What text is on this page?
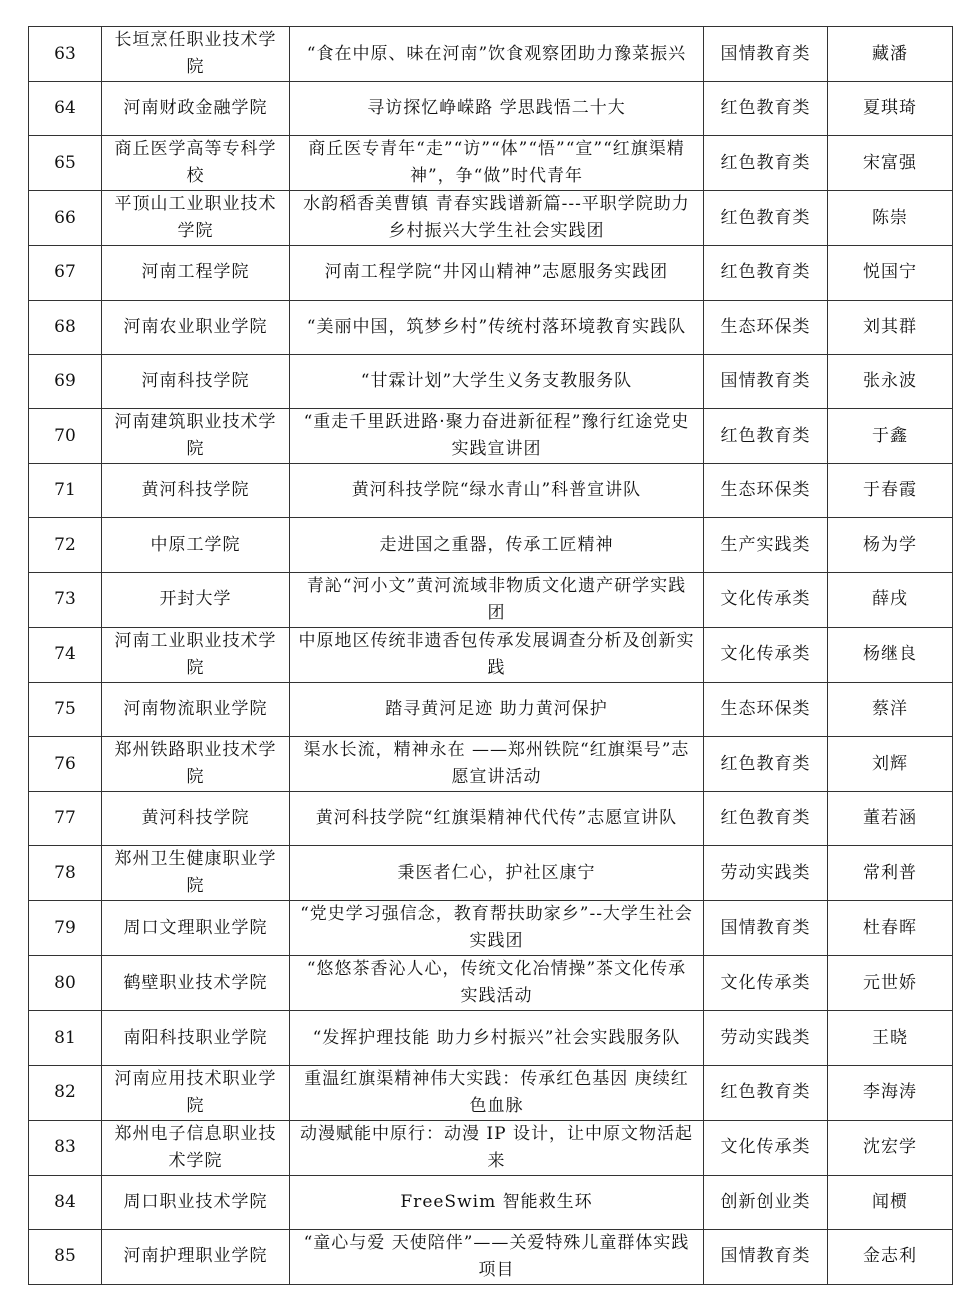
63	长垣烹任职业技术学院	“食在中原、味在河南”饮食观察团助力豫菜振兴	国情教育类	藏潘
64	河南财政金融学院	寻访探忆峥嵘路 学思践悟二十大	红色教育类	夏琪琦
65	商丘医学高等专科学校	商丘医专青年“走”“访”“体”“悟”“宣”“红旗渠精神”，争“做”时代青年	红色教育类	宋富强
66	平顶山工业职业技术学院	水韵稻香美曹镇 青春实践谱新篇---平职学院助力乡村振兴大学生社会实践团	红色教育类	陈崇
67	河南工程学院	河南工程学院“井冈山精神”志愿服务实践团	红色教育类	悦国宁
68	河南农业职业学院	“美丽中国，筑梦乡村”传统村落环境教育实践队	生态环保类	刘其群
69	河南科技学院	“甘霖计划”大学生义务支教服务队	国情教育类	张永波
70	河南建筑职业技术学院	“重走千里跃进路·聚力奋进新征程”豫行红途党史实践宣讲团	红色教育类	于鑫
71	黄河科技学院	黄河科技学院“绿水青山”科普宣讲队	生态环保类	于春霞
72	中原工学院	走进国之重器，传承工匠精神	生产实践类	杨为学
73	开封大学	青訫“河小文”黄河流域非物质文化遗产研学实践团	文化传承类	薛戌
74	河南工业职业技术学院	中原地区传统非遗香包传承发展调查分析及创新实践	文化传承类	杨继良
75	河南物流职业学院	踏寻黄河足迹 助力黄河保护	生态环保类	蔡洋
76	郑州铁路职业技术学院	渠水长流，精神永在 ——郑州铁院“红旗渠号”志愿宣讲活动	红色教育类	刘辉
77	黄河科技学院	黄河科技学院“红旗渠精神代代传”志愿宣讲队	红色教育类	董若涵
78	郑州卫生健康职业学院	秉医者仁心，护社区康宁	劳动实践类	常利普
79	周口文理职业学院	“党史学习强信念，教育帮扶助家乡”--大学生社会实践团	国情教育类	杜春晖
80	鹤壁职业技术学院	“悠悠茶香沁人心，传统文化冶情操”茶文化传承实践活动	文化传承类	元世娇
81	南阳科技职业学院	“发挥护理技能 助力乡村振兴”社会实践服务队	劳动实践类	王晓
82	河南应用技术职业学院	重温红旗渠精神伟大实践：传承红色基因 庚续红色血脉	红色教育类	李海涛
83	郑州电子信息职业技术学院	动漫赋能中原行：动漫 IP 设计，让中原文物活起来	文化传承类	沈宏学
84	周口职业技术学院	FreeSwim 智能救生环	创新创业类	闻槚
85	河南护理职业学院	“童心与爱 天使陪伴”——关爱特殊儿童群体实践项目	国情教育类	金志利
